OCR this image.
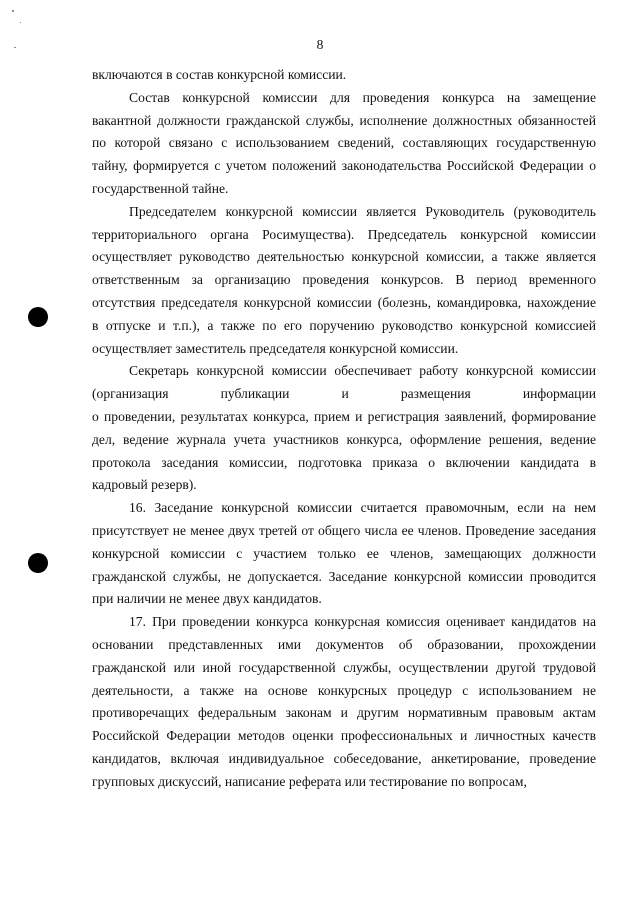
8
включаются в состав конкурсной комиссии.
Состав конкурсной комиссии для проведения конкурса на замещение
вакантной должности гражданской службы, исполнение должностных обязанностей
по которой связано с использованием сведений, составляющих государственную
тайну, формируется с учетом положений законодательства Российской Федерации о
государственной тайне.
Председателем конкурсной комиссии является Руководитель (руководитель
территориального органа Росимущества). Председатель конкурсной комиссии
осуществляет руководство деятельностью конкурсной комиссии, а также является
ответственным за организацию проведения конкурсов. В период временного
отсутствия председателя конкурсной комиссии (болезнь, командировка, нахождение
в отпуске и т.п.), а также по его поручению руководство конкурсной комиссией
осуществляет заместитель председателя конкурсной комиссии.
Секретарь конкурсной комиссии обеспечивает работу конкурсной комиссии
(организация публикации и размещения информации
о проведении, результатах конкурса, прием и регистрация заявлений, формирование
дел, ведение журнала учета участников конкурса, оформление решения, ведение
протокола заседания комиссии, подготовка приказа о включении кандидата в
кадровый резерв).
16. Заседание конкурсной комиссии считается правомочным, если на нем
присутствует не менее двух третей от общего числа ее членов. Проведение заседания
конкурсной комиссии с участием только ее членов, замещающих должности
гражданской службы, не допускается. Заседание конкурсной комиссии проводится
при наличии не менее двух кандидатов.
17. При проведении конкурса конкурсная комиссия оценивает кандидатов на
основании представленных ими документов об образовании, прохождении
гражданской или иной государственной службы, осуществлении другой трудовой
деятельности, а также на основе конкурсных процедур с использованием не
противоречащих федеральным законам и другим нормативным правовым актам
Российской Федерации методов оценки профессиональных и личностных качеств
кандидатов, включая индивидуальное собеседование, анкетирование, проведение
групповых дискуссий, написание реферата или тестирование по вопросам,
